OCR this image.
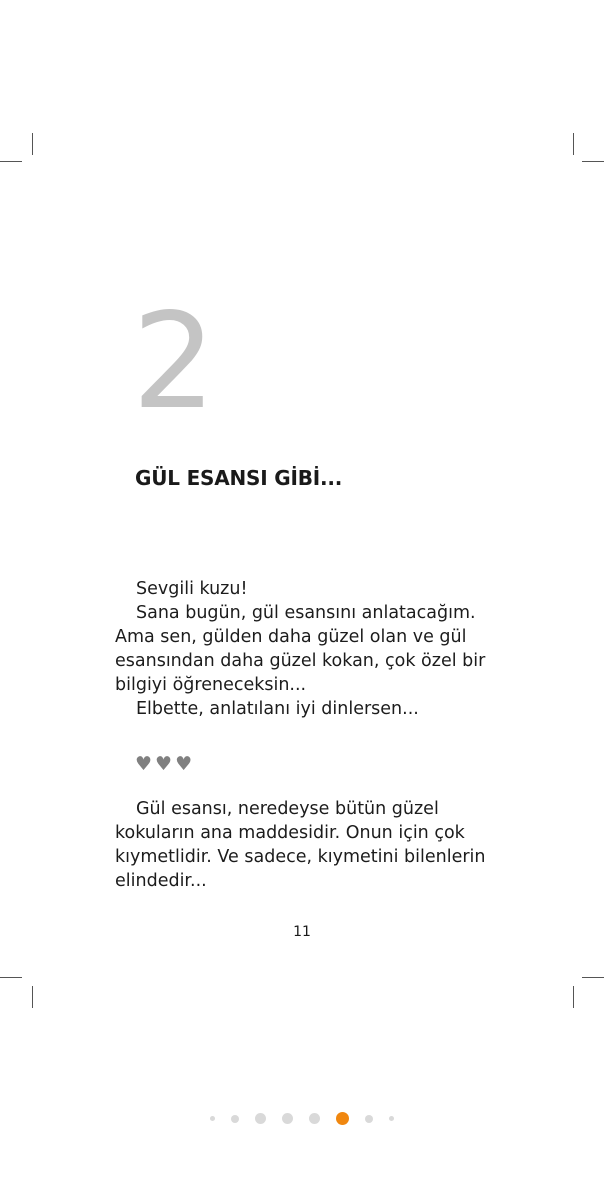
2
GÜL ESANSI GİBİ...

Sevgili kuzu!

Sana bugün, gül esansını anlatacağım. Ama sen, gülden daha güzel olan ve gül esansından daha güzel kokan, çok özel bir bilgiyi öğreneceksin...

Elbette, anlatılanı iyi dinlersen...

♥♥♥

Gül esansı, neredeyse bütün güzel kokuların ana maddesidir. Onun için çok kıymetlidir. Ve sadece, kıymetini bilenlerin elindedir...

11
